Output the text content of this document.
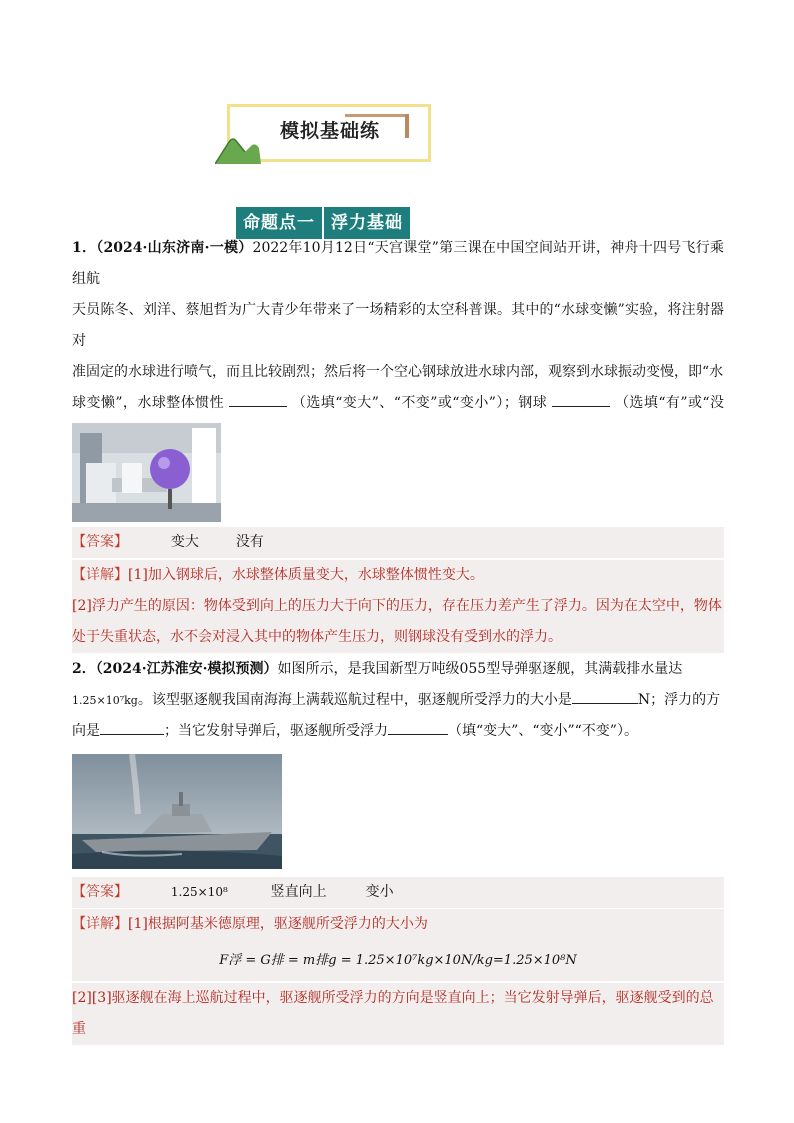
模拟基础练
命题点一 浮力基础
1．（2024·山东济南·一模）2022年10月12日“天宫课堂”第三课在中国空间站开讲，神舟十四号飞行乘组航
天员陈冬、刘洋、蔡旭哲为广大青少年带来了一场精彩的太空科普课。其中的“水球变懒”实验，将注射器对
准固定的水球进行喷气，而且比较剧烈；然后将一个空心钢球放进水球内部，观察到水球振动变慢，即“水
球变懒”，水球整体惯性	（选填“变大”、“不变”或“变小”）；钢球	（选填“有”或“没
【答案】	变大	没有
【详解】[1]加入钢球后，水球整体质量变大，水球整体惯性变大。
[2]浮力产生的原因：物体受到向上的压力大于向下的压力，存在压力差产生了浮力。因为在太空中，物体
处于失重状态，水不会对浸入其中的物体产生压力，则钢球没有受到水的浮力。
2．（2024·江苏淮安·模拟预测）如图所示，是我国新型万吨级055型导弹驱逐舰，其满载排水量达
1.25×10⁷kg。该型驱逐舰我国南海海上满载巡航过程中，驱逐舰所受浮力的大小是	N；浮力的方
向是	；当它发射导弹后，驱逐舰所受浮力	（填“变大”、“变小”“不变”）。
【答案】	1.25×10⁸	竖直向上	变小
【详解】[1]根据阿基米德原理，驱逐舰所受浮力的大小为
F浮 = G排 = m排g = 1.25×10⁷kg×10N/kg=1.25×10⁸N
[2][3]驱逐舰在海上巡航过程中，驱逐舰所受浮力的方向是竖直向上；当它发射导弹后，驱逐舰受到的总重
